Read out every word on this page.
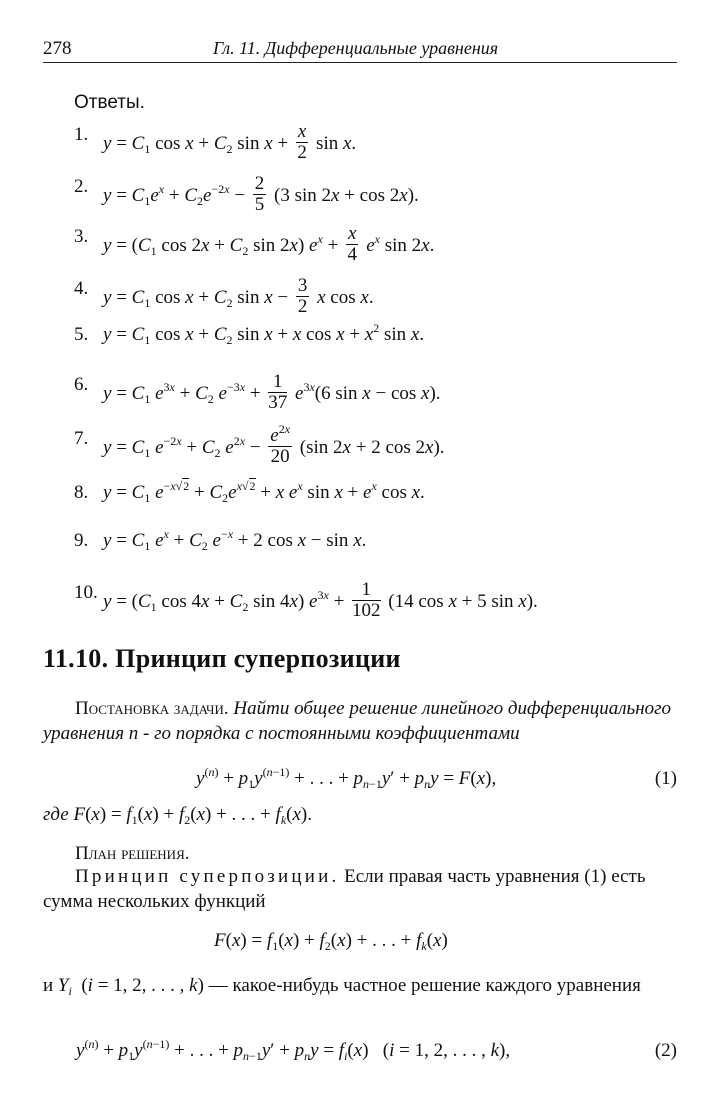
278	Гл. 11. Дифференциальные уравнения
Ответы.
1. $y = C_1$ $\cos x + C_2$ $\sin x + \frac{x}{2}$ sin x.
2. $y = C_1e^x + C_2e^{-2x} - \frac{2}{5} (3$ sin 2x + cos 2x).
3. $y = (C_1$ $\cos 2x + C_2$ sin 2x) $e^x + \frac{x}{4} e^x$ sin 2x.
4. $y = C_1$ $\cos x + C_2$ $\sin x - \frac{3}{2}$ x cos x.
5. $y = C_1$ $\cos x + C_2$ sin x + x $\cos x + x^2$ sin x.
6. $y = C_1$ $e^{3x} + C_2$ $e^{-3x} + \frac{1}{37} e^{3x}(6$ sin x − cos x).
7. $y = C_1$ $e^{-2x} + C_2$ $e^{2x} - \frac{e^{2x}}{20} (\sin$ 2x + 2 cos 2x).
8. $y = C_1$ $e^{-x√2} + C_2e^{x√2} + x$ $e^x$ $\sin x + e^x$ cos x.
9. $y = C_1$ $e^x + C_2$ $e^{-x} + 2$ cos x − sin x.
10. $y = (C_1$ $\cos 4x + C_2$ sin 4x) $e^{3x} + \frac{1}{102} (14$ cos x + 5 sin x).
11.10. Принцип суперпозиции
Постановка задачи. Найти общее решение линейного дифференциального уравнения n - го порядка с постоянными коэффициентами
$y^{(n)} + p_1y^{(n-1)}$ + . . . + $p_{n-1}y' + p_ny = F(x)$,	(1)
где $F(x) = f_1(x) + f_2(x)$ + . . . + $f_k(x)$.
План решения.
Принцип суперпозиции. Если правая часть уравнения (1) есть сумма нескольких функций
$F(x) = f_1(x) + f_2(x)$ + . . . + $f_k(x)$
и $Y_i$  (i = 1, 2, . . . , k) — какое-нибудь частное решение каждого уравнения
$y^{(n)} + p_1y^{(n-1)}$ + . . . + $p_{n-1}y' + p_ny = f_i(x) (i = 1$, 2, . . . , k),	(2)
